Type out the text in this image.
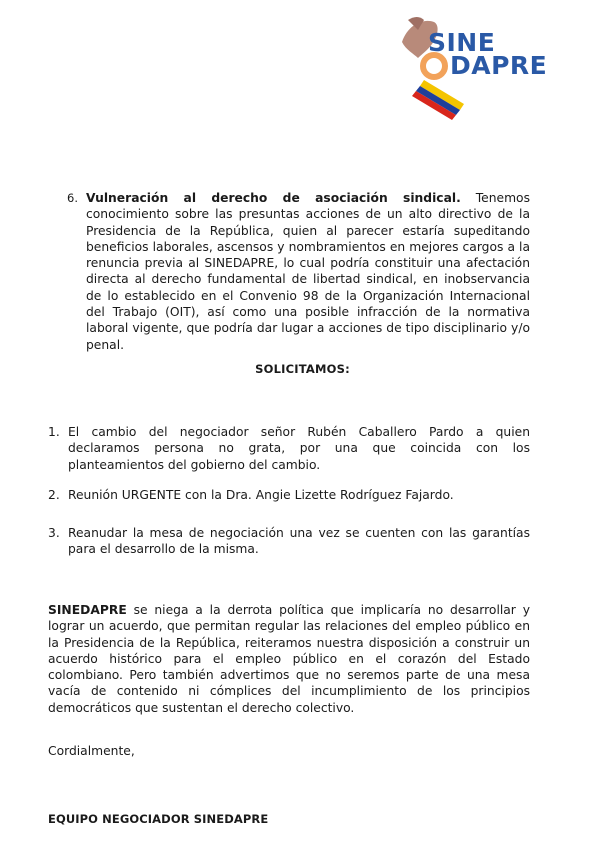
SINE
DAPRE
6. Vulneración al derecho de asociación sindical. Tenemos conocimiento sobre las presuntas acciones de un alto directivo de la Presidencia de la República, quien al parecer estaría supeditando beneficios laborales, ascensos y nombramientos en mejores cargos a la renuncia previa al SINEDAPRE, lo cual podría constituir una afectación directa al derecho fundamental de libertad sindical, en inobservancia de lo establecido en el Convenio 98 de la Organización Internacional del Trabajo (OIT), así como una posible infracción de la normativa laboral vigente, que podría dar lugar a acciones de tipo disciplinario y/o penal.

SOLICITAMOS:

1. El cambio del negociador señor Rubén Caballero Pardo a quien declaramos persona no grata, por una que coincida con los planteamientos del gobierno del cambio.

2. Reunión URGENTE con la Dra. Angie Lizette Rodríguez Fajardo.

3. Reanudar la mesa de negociación una vez se cuenten con las garantías para el desarrollo de la misma.

SINEDAPRE se niega a la derrota política que implicaría no desarrollar y lograr un acuerdo, que permitan regular las relaciones del empleo público en la Presidencia de la República, reiteramos nuestra disposición a construir un acuerdo histórico para el empleo público en el corazón del Estado colombiano. Pero también advertimos que no seremos parte de una mesa vacía de contenido ni cómplices del incumplimiento de los principios democráticos que sustentan el derecho colectivo.

Cordialmente,

EQUIPO NEGOCIADOR SINEDAPRE
